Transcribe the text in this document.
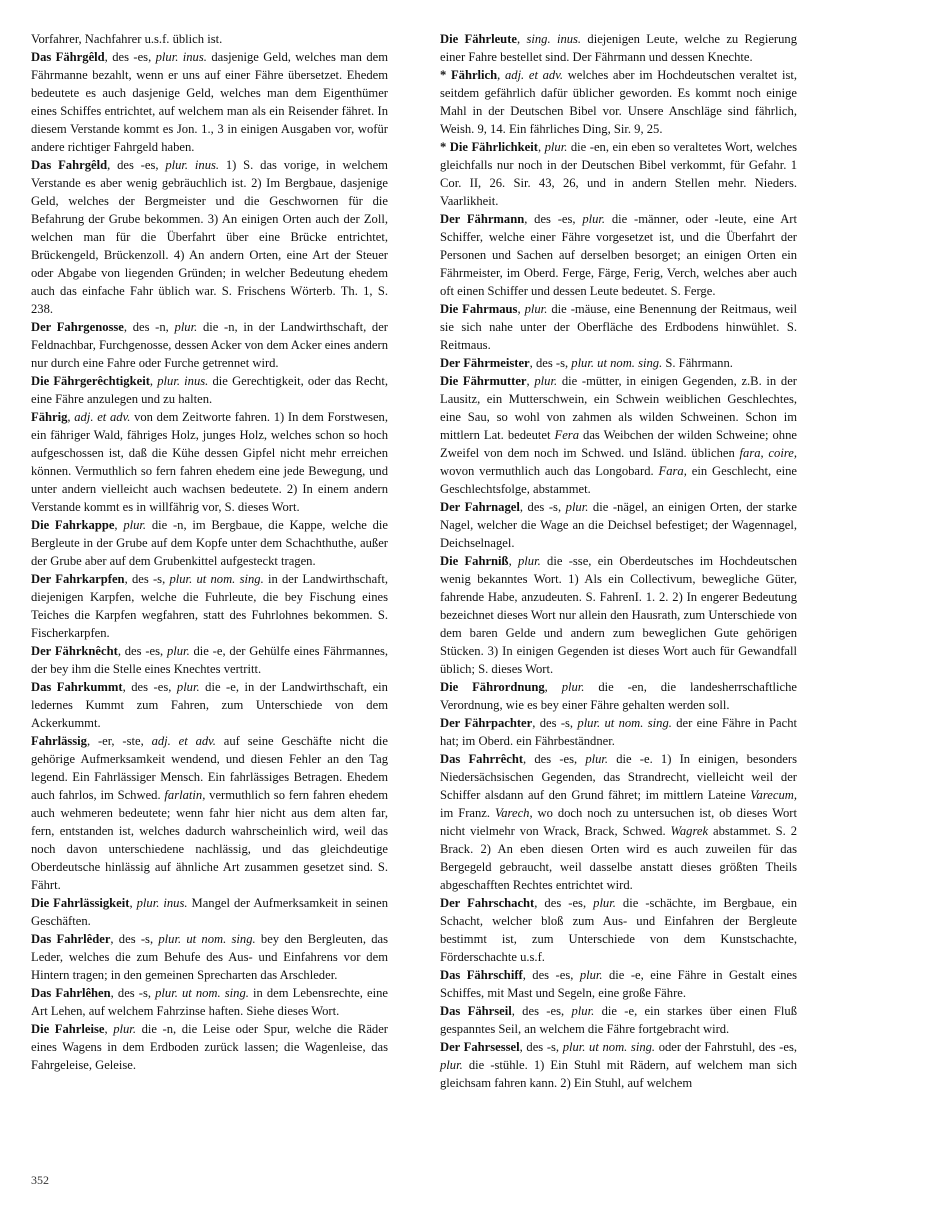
Vorfahrer, Nachfahrer u.s.f. üblich ist.

Das Fährgêld, des -es, plur. inus. dasjenige Geld, welches man dem Fährmanne bezahlt, wenn er uns auf einer Fähre übersetzet. Ehedem bedeutete es auch dasjenige Geld, welches man dem Eigenthümer eines Schiffes entrichtet, auf welchem man als ein Reisender fähret. In diesem Verstande kommt es Jon. 1., 3 in einigen Ausgaben vor, wofür andere richtiger Fahrgeld haben.

Das Fahrgêld, des -es, plur. inus. 1) S. das vorige, in welchem Verstande es aber wenig gebräuchlich ist. 2) Im Bergbaue, dasjenige Geld, welches der Bergmeister und die Geschwornen für die Befahrung der Grube bekommen. 3) An einigen Orten auch der Zoll, welchen man für die Überfahrt über eine Brücke entrichtet, Brückengeld, Brückenzoll. 4) An andern Orten, eine Art der Steuer oder Abgabe von liegenden Gründen; in welcher Bedeutung ehedem auch das einfache Fahr üblich war. S. Frischens Wörterb. Th. 1, S. 238.

Der Fahrgenosse, des -n, plur. die -n, in der Landwirthschaft, der Feldnachbar, Furchgenosse, dessen Acker von dem Acker eines andern nur durch eine Fahre oder Furche getrennet wird.

Die Fährgerêchtigkeit, plur. inus. die Gerechtigkeit, oder das Recht, eine Fähre anzulegen und zu halten.

Fährig, adj. et adv. von dem Zeitworte fahren. 1) In dem Forstwesen, ein fähriger Wald, fähriges Holz, junges Holz, welches schon so hoch aufgeschossen ist, daß die Kühe dessen Gipfel nicht mehr erreichen können. Vermuthlich so fern fahren ehedem eine jede Bewegung, und unter andern vielleicht auch wachsen bedeutete. 2) In einem andern Verstande kommt es in willfährig vor, S. dieses Wort.

Die Fahrkappe, plur. die -n, im Bergbaue, die Kappe, welche die Bergleute in der Grube auf dem Kopfe unter dem Schachthuthe, außer der Grube aber auf dem Grubenkittel aufgesteckt tragen.

Der Fahrkarpfen, des -s, plur. ut nom. sing. in der Landwirthschaft, diejenigen Karpfen, welche die Fuhrleute, die bey Fischung eines Teiches die Karpfen wegfahren, statt des Fuhrlohnes bekommen. S. Fischerkarpfen.

Der Fährknêcht, des -es, plur. die -e, der Gehülfe eines Fährmannes, der bey ihm die Stelle eines Knechtes vertritt.

Das Fahrkummt, des -es, plur. die -e, in der Landwirthschaft, ein ledernes Kummt zum Fahren, zum Unterschiede von dem Ackerkummt.

Fahrlässig, -er, -ste, adj. et adv. auf seine Geschäfte nicht die gehörige Aufmerksamkeit wendend, und diesen Fehler an den Tag legend. Ein Fahrlässiger Mensch. Ein fahrlässiges Betragen. Ehedem auch fahrlos, im Schwed. farlatin, vermuthlich so fern fahren ehedem auch wehmeren bedeutete; wenn fahr hier nicht aus dem alten far, fern, entstanden ist, welches dadurch wahrscheinlich wird, weil das noch davon unterschiedene nachlässig, und das gleichdeutige Oberdeutsche hinlässig auf ähnliche Art zusammen gesetzet sind. S. Fährt.

Die Fahrlässigkeit, plur. inus. Mangel der Aufmerksamkeit in seinen Geschäften.

Das Fahrlêder, des -s, plur. ut nom. sing. bey den Bergleuten, das Leder, welches die zum Behufe des Aus- und Einfahrens vor dem Hintern tragen; in den gemeinen Sprecharten das Arschleder.

Das Fahrlêhen, des -s, plur. ut nom. sing. in dem Lebensrechte, eine Art Lehen, auf welchem Fahrzinse haften. Siehe dieses Wort.

Die Fahrleise, plur. die -n, die Leise oder Spur, welche die Räder eines Wagens in dem Erdboden zurück lassen; die Wagenleise, das Fahrgeleise, Geleise.

Die Fährleute, sing. inus. diejenigen Leute, welche zu Regierung einer Fahre bestellet sind. Der Fährmann und dessen Knechte.

* Fährlich, adj. et adv. welches aber im Hochdeutschen veraltet ist, seitdem gefährlich dafür üblicher geworden. Es kommt noch einige Mahl in der Deutschen Bibel vor. Unsere Anschläge sind fährlich, Weish. 9, 14. Ein fährliches Ding, Sir. 9, 25.

* Die Fährlichkeit, plur. die -en, ein eben so veraltetes Wort, welches gleichfalls nur noch in der Deutschen Bibel verkommt, für Gefahr. 1 Cor. II, 26. Sir. 43, 26, und in andern Stellen mehr. Nieders. Vaarlikheit.

Der Fährmann, des -es, plur. die -männer, oder -leute, eine Art Schiffer, welche einer Fähre vorgesetzet ist, und die Überfahrt der Personen und Sachen auf derselben besorget; an einigen Orten ein Fährmeister, im Oberd. Ferge, Färge, Ferig, Verch, welches aber auch oft einen Schiffer und dessen Leute bedeutet. S. Ferge.

Die Fahrmaus, plur. die -mäuse, eine Benennung der Reitmaus, weil sie sich nahe unter der Oberfläche des Erdbodens hinwühlet. S. Reitmaus.

Der Fährmeister, des -s, plur. ut nom. sing. S. Fährmann.

Die Fährmutter, plur. die -mütter, in einigen Gegenden, z.B. in der Lausitz, ein Mutterschwein, ein Schwein weiblichen Geschlechtes, eine Sau, so wohl von zahmen als wilden Schweinen. Schon im mittlern Lat. bedeutet Fera das Weibchen der wilden Schweine; ohne Zweifel von dem noch im Schwed. und Isländ. üblichen fara, coire, wovon vermuthlich auch das Longobard. Fara, ein Geschlecht, eine Geschlechtsfolge, abstammet.

Der Fahrnagel, des -s, plur. die -nägel, an einigen Orten, der starke Nagel, welcher die Wage an die Deichsel befestiget; der Wagennagel, Deichselnagel.

Die Fahrniß, plur. die -sse, ein Oberdeutsches im Hochdeutschen wenig bekanntes Wort. 1) Als ein Collectivum, bewegliche Güter, fahrende Habe, anzudeuten. S. FahrenI. 1. 2. 2) In engerer Bedeutung bezeichnet dieses Wort nur allein den Hausrath, zum Unterschiede von dem baren Gelde und andern zum beweglichen Gute gehörigen Stücken. 3) In einigen Gegenden ist dieses Wort auch für Gewandfall üblich; S. dieses Wort.

Die Fährordnung, plur. die -en, die landesherrschaftliche Verordnung, wie es bey einer Fähre gehalten werden soll.

Der Fährpachter, des -s, plur. ut nom. sing. der eine Fähre in Pacht hat; im Oberd. ein Fährbeständner.

Das Fahrrêcht, des -es, plur. die -e. 1) In einigen, besonders Niedersächsischen Gegenden, das Strandrecht, vielleicht weil der Schiffer alsdann auf den Grund fähret; im mittlern Lateine Varecum, im Franz. Varech, wo doch noch zu untersuchen ist, ob dieses Wort nicht vielmehr von Wrack, Brack, Schwed. Wagrek abstammet. S. 2 Brack. 2) An eben diesen Orten wird es auch zuweilen für das Bergegeld gebraucht, weil dasselbe anstatt dieses größten Theils abgeschafften Rechtes entrichtet wird.

Der Fahrschacht, des -es, plur. die -schächte, im Bergbaue, ein Schacht, welcher bloß zum Aus- und Einfahren der Bergleute bestimmt ist, zum Unterschiede von dem Kunstschachte, Förderschachte u.s.f.

Das Fährschiff, des -es, plur. die -e, eine Fähre in Gestalt eines Schiffes, mit Mast und Segeln, eine große Fähre.

Das Fährseil, des -es, plur. die -e, ein starkes über einen Fluß gespanntes Seil, an welchem die Fähre fortgebracht wird.

Der Fahrsessel, des -s, plur. ut nom. sing. oder der Fahrstuhl, des -es, plur. die -stühle. 1) Ein Stuhl mit Rädern, auf welchem man sich gleichsam fahren kann. 2) Ein Stuhl, auf welchem

352
